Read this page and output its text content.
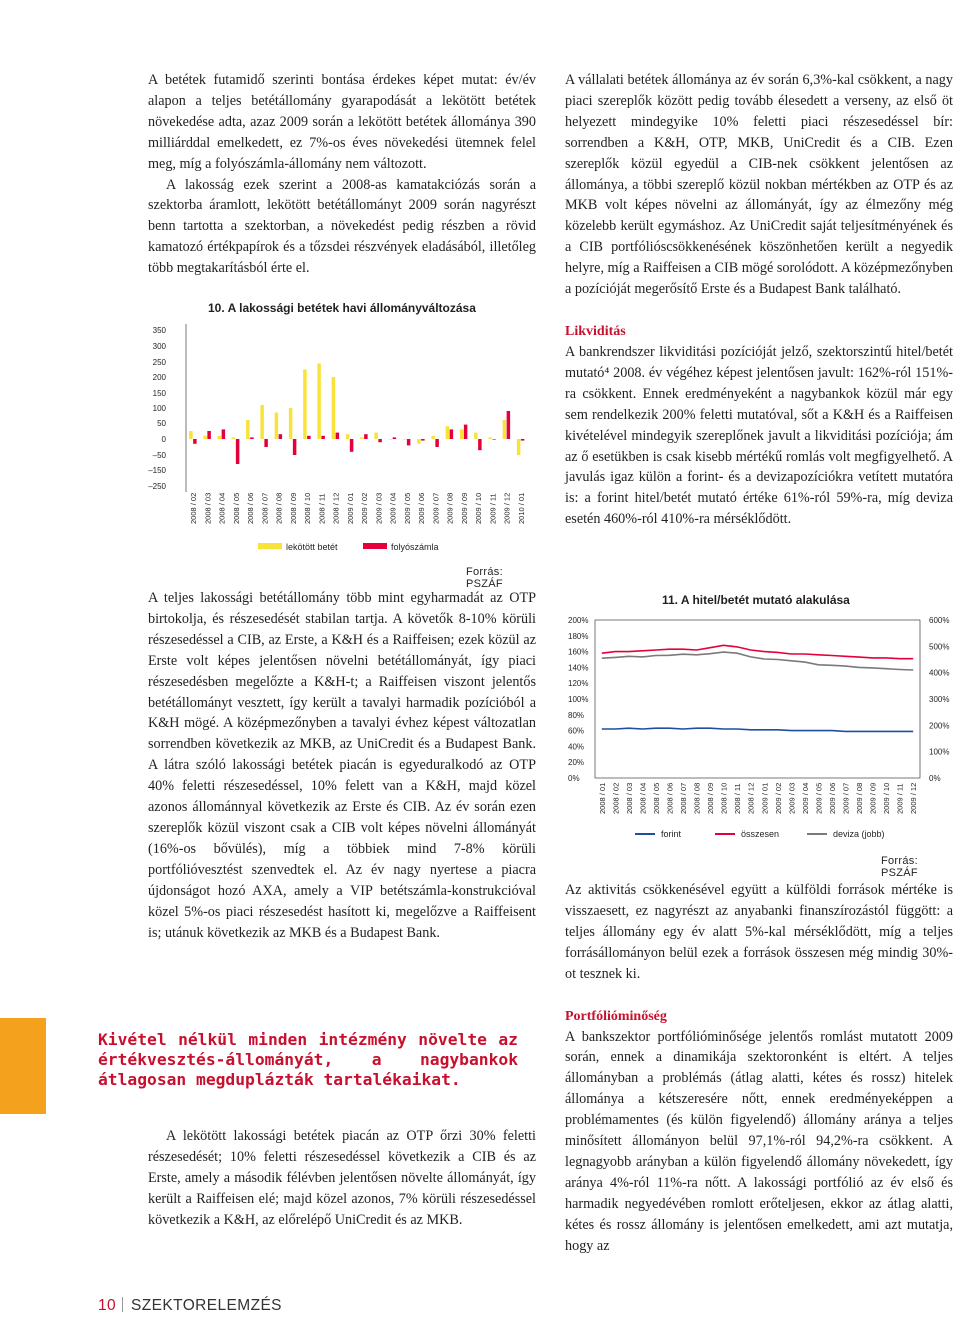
A betétek futamidő szerinti bontása érdekes képet mutat: év/év alapon a teljes betétállomány gyarapodását a lekötött betétek növekedése adta, azaz 2009 során a lekötött betétek állománya 390 milliárddal emelkedett, ez 7%-os éves növekedési ütemnek felel meg, míg a folyószámla-állomány nem változott.

A lakosság ezek szerint a 2008-as kamatakciózás során a szektorba áramlott, lekötött betétállományt 2009 során nagyrészt benn tartotta a szektorban, a növekedést pedig részben a rövid kamatozó értékpapírok és a tőzsdei részvények eladásából, illetőleg több megtakarításból érte el.

10. A lakossági betétek havi állományváltozása
350
300
250
200
150
100
50
0
–50
–150
–250
2008 / 02 2008 / 03 2008 / 04 2008 / 05 2008 / 06 2008 / 07 2008 / 08 2008 / 09 2008 / 10 2008 / 11 2008 / 12 2009 / 01 2009 / 02 2009 / 03 2009 / 04 2009 / 05 2009 / 06 2009 / 07 2009 / 08 2009 / 09 2009 / 10 2009 / 11 2009 / 12 2010 / 01
lekötött betét	folyószámla
Forrás: PSZÁF

A teljes lakossági betétállomány több mint egyharmadát az OTP birtokolja, és részesedését stabilan tartja. A követők 8-10% körüli részesedéssel a CIB, az Erste, a K&H és a Raiffeisen; ezek közül az Erste volt képes jelentősen növelni betétállományát, így piaci részesedésben megelőzte a K&H-t; a Raiffeisen viszont jelentős betétállományt vesztett, így került a tavalyi harmadik pozícióból a K&H mögé. A középmezőnyben a tavalyi évhez képest változatlan sorrendben következik az MKB, az UniCredit és a Budapest Bank. A látra szóló lakossági betétek piacán is egyeduralkodó az OTP 40% feletti részesedéssel, 10% felett van a K&H, majd közel azonos állománnyal következik az Erste és CIB. Az év során ezen szereplők közül viszont csak a CIB volt képes növelni állományát (16%-os bővülés), míg a többiek mind 7-8% körüli portfólióvesztést szenvedtek el. Az év nagy nyertese a piacra újdonságot hozó AXA, amely a VIP betétszámla-konstrukcióval közel 5%-os piaci részesedést hasított ki, megelőzve a Raiffeisent is; utánuk következik az MKB és a Budapest Bank.

Kivétel nélkül minden intézmény növelte az értékvesztés-állományát, a nagybankok átlagosan megduplázták tartalékaikat.

A lekötött lakossági betétek piacán az OTP őrzi 30% feletti részesedését; 10% feletti részesedéssel következik a CIB és az Erste, amely a második félévben jelentősen növelte állományát, így került a Raiffeisen elé; majd közel azonos, 7% körüli részesedéssel következik a K&H, az előrelépő UniCredit és az MKB.

A vállalati betétek állománya az év során 6,3%-kal csökkent, a nagy piaci szereplők között pedig tovább élesedett a verseny, az első öt helyezett mindegyike 10% feletti piaci részesedéssel bír: sorrendben a K&H, OTP, MKB, UniCredit és a CIB. Ezen szereplők közül egyedül a CIB-nek csökkent jelentősen az állománya, a többi szereplő közül nokban mértékben az OTP és az MKB volt képes növelni az állományát, így az élmezőny még közelebb került egymáshoz. Az UniCredit saját teljesítményének és a CIB portfólióscsökkenésének köszönhetően került a negyedik helyre, míg a Raiffeisen a CIB mögé sorolódott. A középmezőnyben a pozícióját megerősítő Erste és a Budapest Bank található.

Likviditás

A bankrendszer likviditási pozícióját jelző, szektorszintű hitel/betét mutató⁴ 2008. év végéhez képest jelentősen javult: 162%-ról 151%-ra csökkent. Ennek eredményeként a nagybankok közül már egy sem rendelkezik 200% feletti mutatóval, sőt a K&H és a Raiffeisen kivételével mindegyik szereplőnek javult a likviditási pozíciója; ám az ő esetükben is csak kisebb mértékű romlás volt megfigyelhető. A javulás igaz külön a forint- és a devizapozíciókra vetített mutatóra is: a forint hitel/betét mutató értéke 61%-ról 59%-ra, míg deviza esetén 460%-ról 410%-ra mérséklődött.

11. A hitel/betét mutató alakulása
200%
180%
160%
140%
120%
100%
80%
60%
40%
20%
0%
600%
500%
400%
300%
200%
100%
0%
2008 / 01 2008 / 02 2008 / 03 2008 / 04 2008 / 05 2008 / 06 2008 / 07 2008 / 08 2008 / 09 2008 / 10 2008 / 11 2008 / 12 2009 / 01 2009 / 02 2009 / 03 2009 / 04 2009 / 05 2009 / 06 2009 / 07 2009 / 08 2009 / 09 2009 / 10 2009 / 11 2009 / 12
forint	összesen	deviza (jobb)
Forrás: PSZÁF

Az aktivitás csökkenésével együtt a külföldi források mértéke is visszaesett, ez nagyrészt az anyabanki finanszírozástól függött: a teljes állomány egy év alatt 5%-kal mérséklődött, míg a teljes forrásállományon belül ezek a források összesen még mindig 30%-ot tesznek ki.

Portfólióminőség

A bankszektor portfólióminősége jelentős romlást mutatott 2009 során, ennek a dinamikája szektoronként is eltért. A teljes állományban a problémás (átlag alatti, kétes és rossz) hitelek állománya a kétszeresére nőtt, ennek eredményeképpen a problémamentes (és külön figyelendő) állomány aránya a teljes minősített állományon belül 97,1%-ról 94,2%-ra csökkent. A legnagyobb arányban a külön figyelendő állomány növekedett, így aránya 4%-ról 11%-ra nőtt. A lakossági portfólió az év első és harmadik negyedévében romlott erőteljesen, ekkor az átlag alatti, kétes és rossz állomány is jelentősen emelkedett, ami azt mutatja, hogy az

10 SZEKTORELEMZÉS
